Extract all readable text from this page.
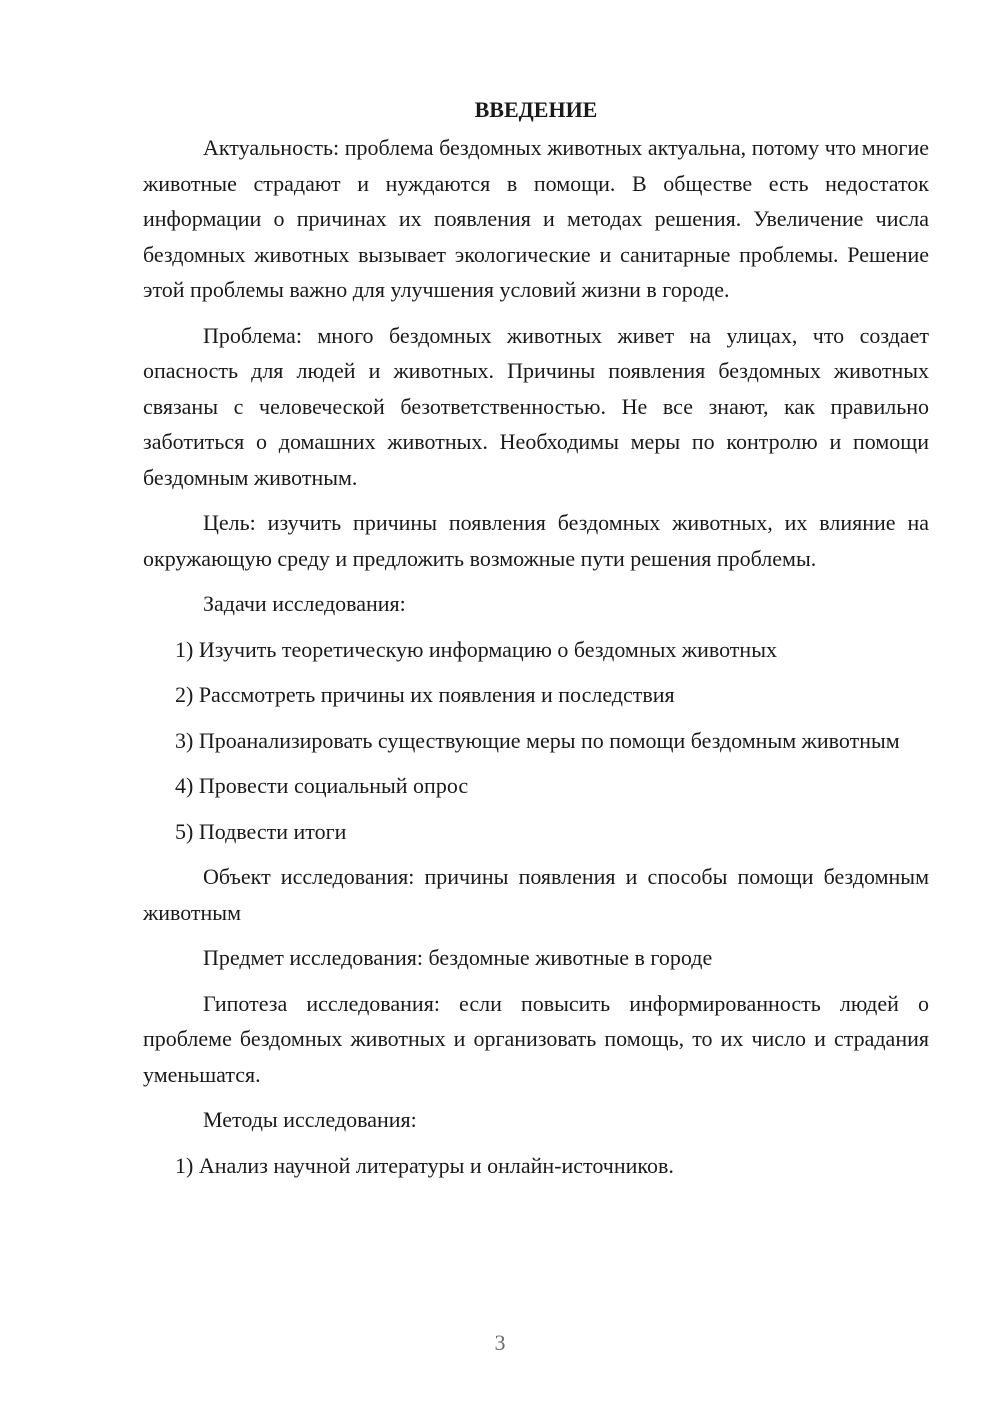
ВВЕДЕНИЕ

Актуальность: проблема бездомных животных актуальна, потому что многие животные страдают и нуждаются в помощи. В обществе есть недостаток информации о причинах их появления и методах решения. Увеличение числа бездомных животных вызывает экологические и санитарные проблемы. Решение этой проблемы важно для улучшения условий жизни в городе.

Проблема: много бездомных животных живет на улицах, что создает опасность для людей и животных. Причины появления бездомных животных связаны с человеческой безответственностью. Не все знают, как правильно заботиться о домашних животных. Необходимы меры по контролю и помощи бездомным животным.

Цель: изучить причины появления бездомных животных, их влияние на окружающую среду и предложить возможные пути решения проблемы.

Задачи исследования:

1) Изучить теоретическую информацию о бездомных животных

2) Рассмотреть причины их появления и последствия

3) Проанализировать существующие меры по помощи бездомным животным

4) Провести социальный опрос

5) Подвести итоги

Объект исследования: причины появления и способы помощи бездомным животным

Предмет исследования: бездомные животные в городе

Гипотеза исследования: если повысить информированность людей о проблеме бездомных животных и организовать помощь, то их число и страдания уменьшатся.

Методы исследования:

1) Анализ научной литературы и онлайн-источников.

3
